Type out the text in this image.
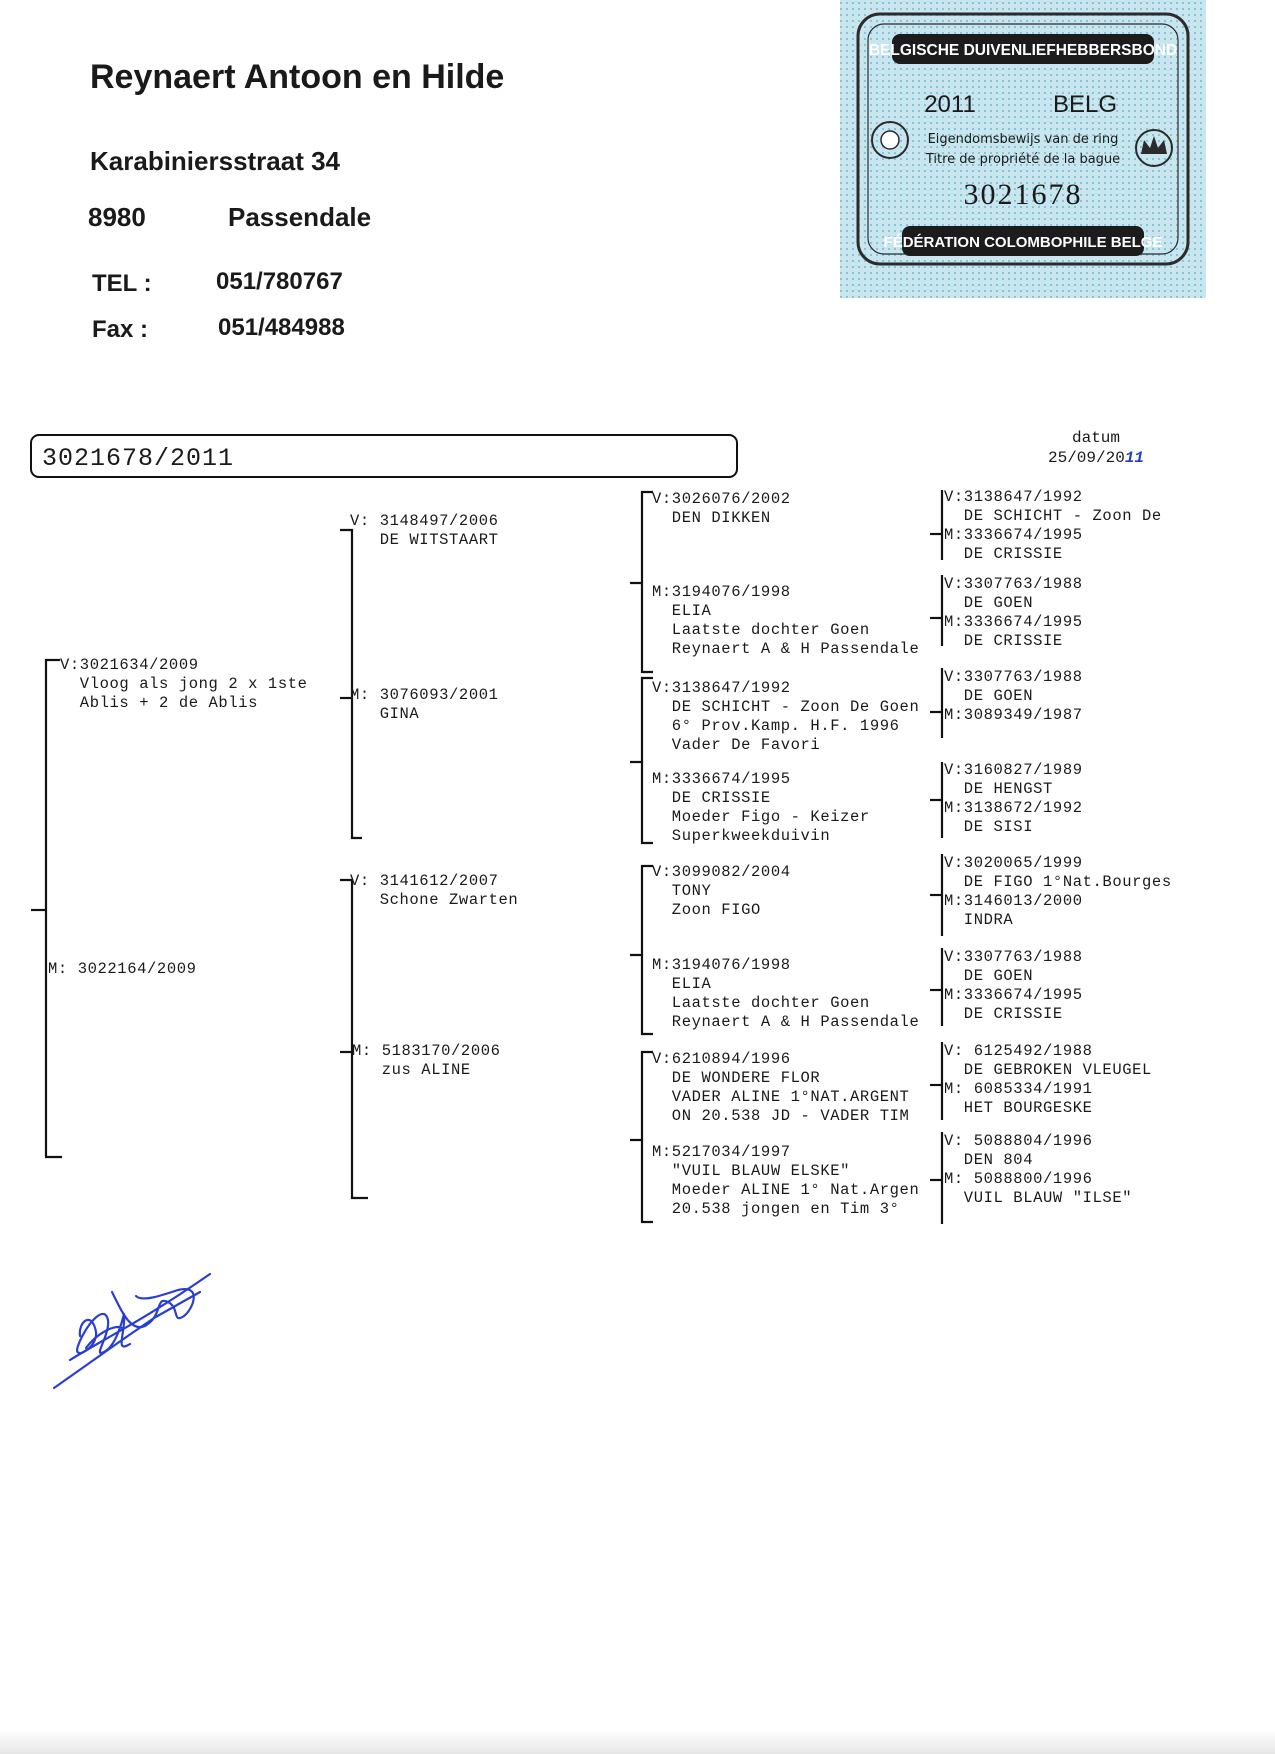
Reynaert Antoon en Hilde
Karabiniersstraat 34
8980	Passendale
TEL :	051/780767
Fax :	051/484988
BELGISCHE DUIVENLIEFHEBBERSBOND
2011	BELG
Eigendomsbewijs van de ring
Titre de propriété de la bague
3021678
FÉDÉRATION COLOMBOPHILE BELGE
3021678/2011
datum
25/09/2011
V:3021634/2009
Vloog als jong 2 x 1ste
Ablis + 2 de Ablis
M: 3022164/2009
V: 3148497/2006
DE WITSTAART
M: 3076093/2001
GINA
V: 3141612/2007
Schone Zwarten
M: 5183170/2006
zus ALINE
V:3026076/2002
DEN DIKKEN
M:3194076/1998
ELIA
Laatste dochter Goen
Reynaert A & H Passendale
V:3138647/1992
DE SCHICHT - Zoon De Goen
6° Prov.Kamp. H.F. 1996
Vader De Favori
M:3336674/1995
DE CRISSIE
Moeder Figo - Keizer
Superkweekduivin
V:3099082/2004
TONY
Zoon FIGO
M:3194076/1998
ELIA
Laatste dochter Goen
Reynaert A & H Passendale
V:6210894/1996
DE WONDERE FLOR
VADER ALINE 1°NAT.ARGENT
ON 20.538 JD - VADER TIM
M:5217034/1997
"VUIL BLAUW ELSKE"
Moeder ALINE 1° Nat.Argen
20.538 jongen en Tim 3°
V:3138647/1992
DE SCHICHT - Zoon De
M:3336674/1995
DE CRISSIE
V:3307763/1988
DE GOEN
M:3336674/1995
DE CRISSIE
V:3307763/1988
DE GOEN
M:3089349/1987
V:3160827/1989
DE HENGST
M:3138672/1992
DE SISI
V:3020065/1999
DE FIGO 1°Nat.Bourges
M:3146013/2000
INDRA
V:3307763/1988
DE GOEN
M:3336674/1995
DE CRISSIE
V: 6125492/1988
DE GEBROKEN VLEUGEL
M: 6085334/1991
HET BOURGESKE
V: 5088804/1996
DEN 804
M: 5088800/1996
VUIL BLAUW "ILSE"
